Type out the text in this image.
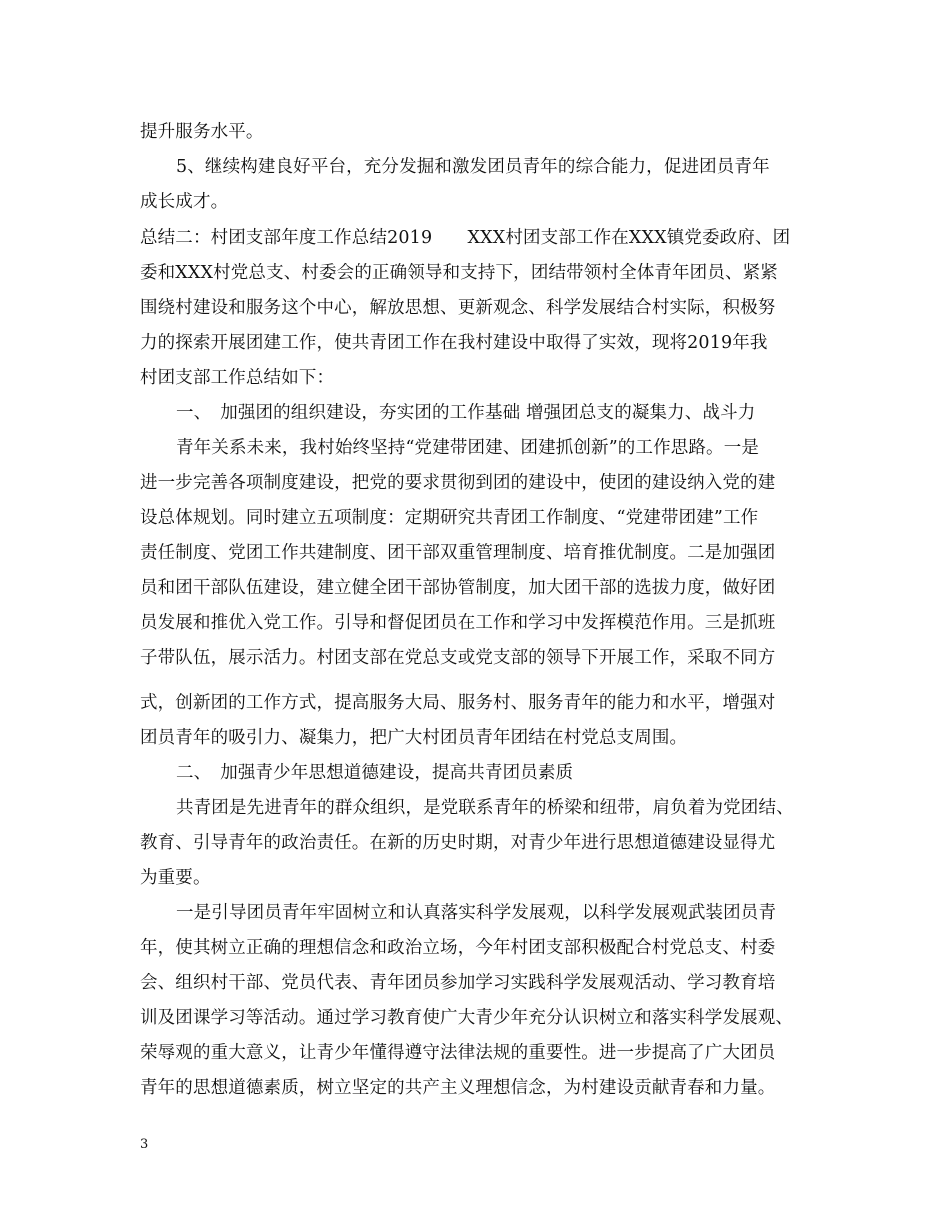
提升服务水平。
5、继续构建良好平台，充分发掘和激发团员青年的综合能力，促进团员青年
成长成才。
总结二：村团支部年度工作总结2019　　XXX村团支部工作在XXX镇党委政府、团
委和XXX村党总支、村委会的正确领导和支持下，团结带领村全体青年团员、紧紧
围绕村建设和服务这个中心，解放思想、更新观念、科学发展结合村实际，积极努
力的探索开展团建工作，使共青团工作在我村建设中取得了实效，现将2019年我
村团支部工作总结如下：
一、　加强团的组织建设，夯实团的工作基础 增强团总支的凝集力、战斗力
青年关系未来，我村始终坚持“党建带团建、团建抓创新”的工作思路。一是
进一步完善各项制度建设，把党的要求贯彻到团的建设中，使团的建设纳入党的建
设总体规划。同时建立五项制度：定期研究共青团工作制度、“党建带团建”工作
责任制度、党团工作共建制度、团干部双重管理制度、培育推优制度。二是加强团
员和团干部队伍建设，建立健全团干部协管制度，加大团干部的选拔力度，做好团
员发展和推优入党工作。引导和督促团员在工作和学习中发挥模范作用。三是抓班
子带队伍，展示活力。村团支部在党总支或党支部的领导下开展工作，采取不同方
式，创新团的工作方式，提高服务大局、服务村、服务青年的能力和水平，增强对
团员青年的吸引力、凝集力，把广大村团员青年团结在村党总支周围。
二、　加强青少年思想道德建设，提高共青团员素质
共青团是先进青年的群众组织，是党联系青年的桥梁和纽带，肩负着为党团结、
教育、引导青年的政治责任。在新的历史时期，对青少年进行思想道德建设显得尤
为重要。
一是引导团员青年牢固树立和认真落实科学发展观，以科学发展观武装团员青
年，使其树立正确的理想信念和政治立场，今年村团支部积极配合村党总支、村委
会、组织村干部、党员代表、青年团员参加学习实践科学发展观活动、学习教育培
训及团课学习等活动。通过学习教育使广大青少年充分认识树立和落实科学发展观、
荣辱观的重大意义，让青少年懂得遵守法律法规的重要性。进一步提高了广大团员
青年的思想道德素质，树立坚定的共产主义理想信念，为村建设贡献青春和力量。
3
